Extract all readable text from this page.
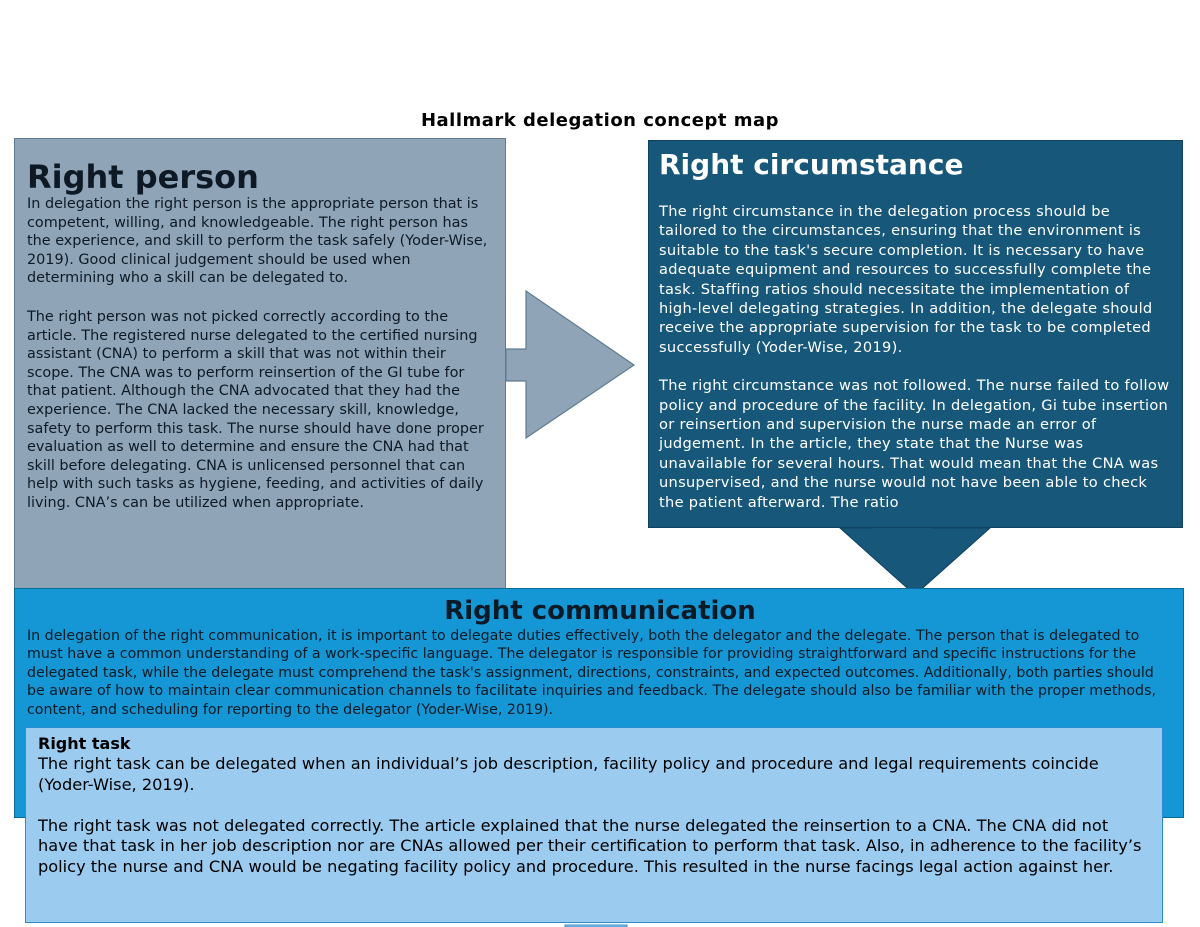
Hallmark delegation concept map
Right person

In delegation the right person is the appropriate person that is competent, willing, and knowledgeable. The right person has the experience, and skill to perform the task safely (Yoder-Wise, 2019). Good clinical judgement should be used when determining who a skill can be delegated to.

The right person was not picked correctly according to the article. The registered nurse delegated to the certified nursing assistant (CNA) to perform a skill that was not within their scope. The CNA was to perform reinsertion of the GI tube for that patient. Although the CNA advocated that they had the experience. The CNA lacked the necessary skill, knowledge, safety to perform this task. The nurse should have done proper evaluation as well to determine and ensure the CNA had that skill before delegating. CNA is unlicensed personnel that can help with such tasks as hygiene, feeding, and activities of daily living. CNA’s can be utilized when appropriate.

Right circumstance

The right circumstance in the delegation process should be tailored to the circumstances, ensuring that the environment is suitable to the task's secure completion. It is necessary to have adequate equipment and resources to successfully complete the task. Staffing ratios should necessitate the implementation of high-level delegating strategies. In addition, the delegate should receive the appropriate supervision for the task to be completed successfully (Yoder-Wise, 2019).

The right circumstance was not followed. The nurse failed to follow policy and procedure of the facility. In delegation, Gi tube insertion or reinsertion and supervision the nurse made an error of judgement. In the article, they state that the Nurse was unavailable for several hours. That would mean that the CNA was unsupervised, and the nurse would not have been able to check the patient afterward. The ratio

Right communication

In delegation of the right communication, it is important to delegate duties effectively, both the delegator and the delegate. The person that is delegated to must have a common understanding of a work-specific language. The delegator is responsible for providing straightforward and specific instructions for the delegated task, while the delegate must comprehend the task's assignment, directions, constraints, and expected outcomes. Additionally, both parties should be aware of how to maintain clear communication channels to facilitate inquiries and feedback. The delegate should also be familiar with the proper methods, content, and scheduling for reporting to the delegator (Yoder-Wise, 2019).

Right task

The right task can be delegated when an individual’s job description, facility policy and procedure and legal requirements coincide (Yoder-Wise, 2019).

The right task was not delegated correctly. The article explained that the nurse delegated the reinsertion to a CNA. The CNA did not have that task in her job description nor are CNAs allowed per their certification to perform that task. Also, in adherence to the facility’s policy the nurse and CNA would be negating facility policy and procedure. This resulted in the nurse facings legal action against her.
